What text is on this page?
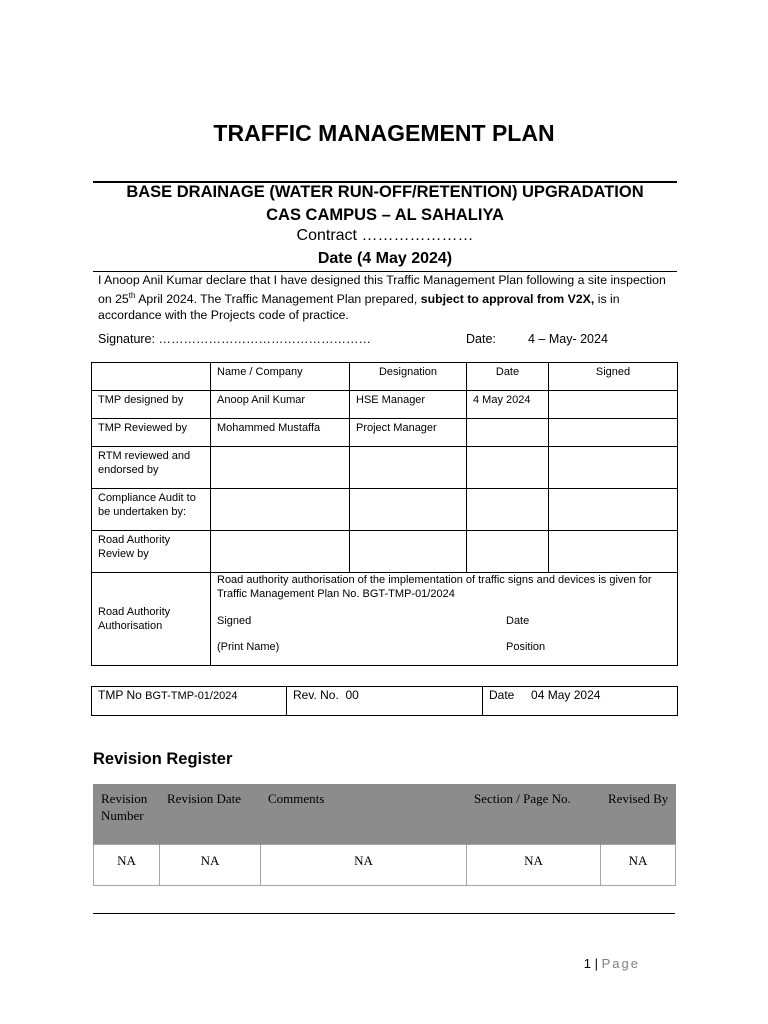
TRAFFIC MANAGEMENT PLAN
BASE DRAINAGE (WATER RUN-OFF/RETENTION) UPGRADATION
CAS CAMPUS – AL SAHALIYA
Contract …………………
Date (4 May 2024)
I Anoop Anil Kumar declare that I have designed this Traffic Management Plan following a site inspection on 25th April 2024. The Traffic Management Plan prepared, subject to approval from V2X, is in accordance with the Projects code of practice.
Signature: ……………………………………………	Date:	4 – May- 2024
	Name / Company	Designation	Date	Signed
TMP designed by	Anoop Anil Kumar	HSE Manager	4 May 2024	
TMP Reviewed by	Mohammed Mustaffa	Project Manager		
RTM reviewed and endorsed by				
Compliance Audit to be undertaken by:				
Road Authority Review by				
Road Authority Authorisation	Road authority authorisation of the implementation of traffic signs and devices is given for Traffic Management Plan No. BGT-TMP-01/2024
Signed Date
(Print Name) Position			
TMP No BGT-TMP-01/2024	Rev. No. 00	Date 04 May 2024
Revision Register
Revision Number	Revision Date	Comments	Section / Page No.	Revised By
NA	NA	NA	NA	NA
1 | Page
